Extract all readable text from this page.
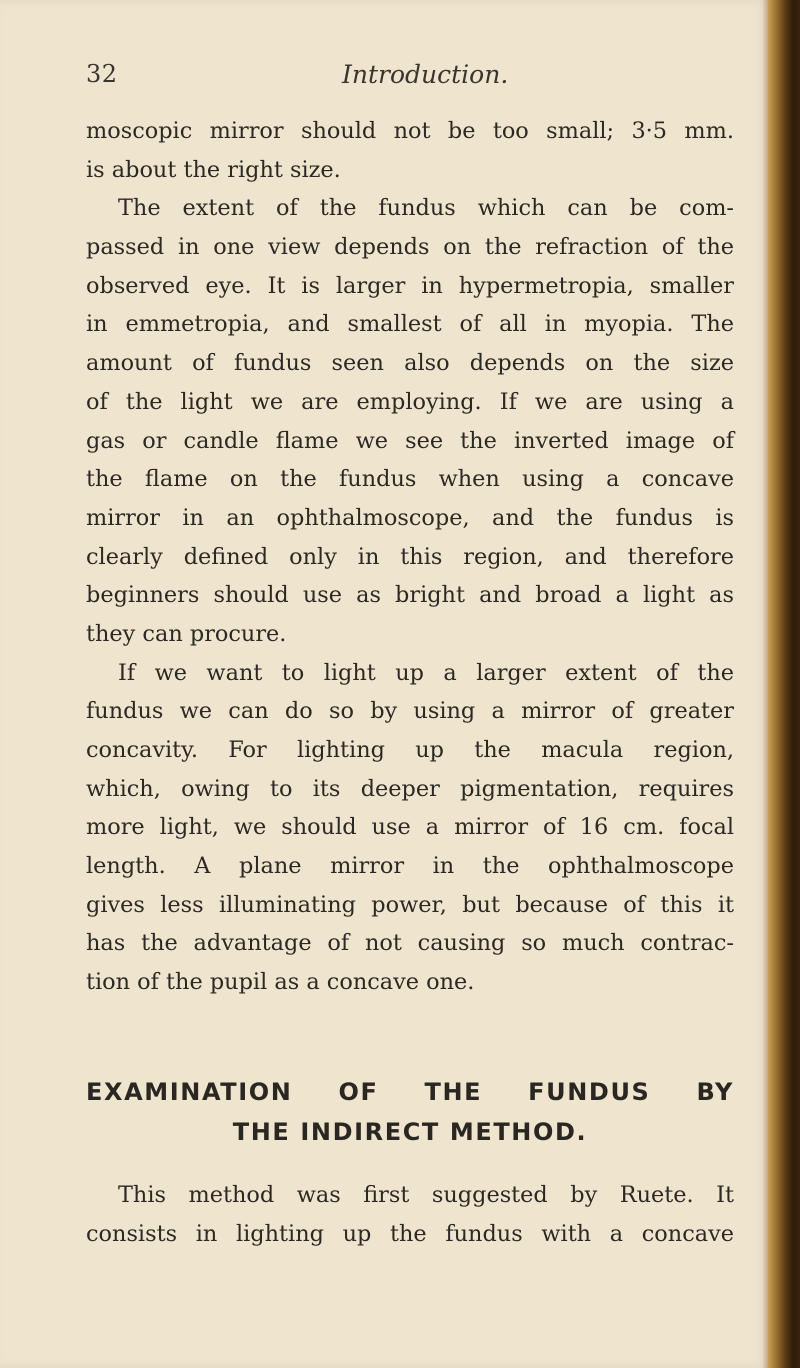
32	Introduction.
moscopic mirror should not be too small; 3·5 mm.
is about the right size.
The extent of the fundus which can be com-
passed in one view depends on the refraction of the
observed eye. It is larger in hypermetropia, smaller
in emmetropia, and smallest of all in myopia. The
amount of fundus seen also depends on the size
of the light we are employing. If we are using a
gas or candle flame we see the inverted image of
the flame on the fundus when using a concave
mirror in an ophthalmoscope, and the fundus is
clearly defined only in this region, and therefore
beginners should use as bright and broad a light as
they can procure.
If we want to light up a larger extent of the
fundus we can do so by using a mirror of greater
concavity. For lighting up the macula region,
which, owing to its deeper pigmentation, requires
more light, we should use a mirror of 16 cm. focal
length. A plane mirror in the ophthalmoscope
gives less illuminating power, but because of this it
has the advantage of not causing so much contrac-
tion of the pupil as a concave one.
EXAMINATION OF THE FUNDUS BY
THE INDIRECT METHOD.
This method was first suggested by Ruete. It
consists in lighting up the fundus with a concave
